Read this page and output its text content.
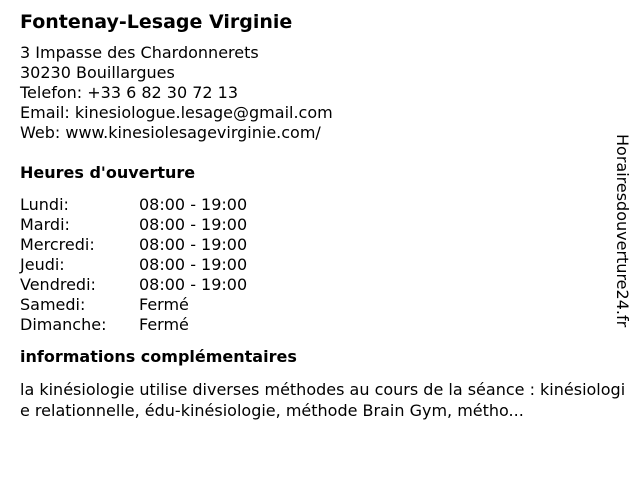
Fontenay-Lesage Virginie
3 Impasse des Chardonnerets
30230 Bouillargues
Telefon: +33 6 82 30 72 13
Email: kinesiologue.lesage@gmail.com
Web: www.kinesiolesagevirginie.com/
Heures d'ouverture
Lundi:	08:00 - 19:00
Mardi:	08:00 - 19:00
Mercredi:	08:00 - 19:00
Jeudi:	08:00 - 19:00
Vendredi:	08:00 - 19:00
Samedi:	Fermé
Dimanche:	Fermé
informations complémentaires
la kinésiologie utilise diverses méthodes au cours de la séance : kinésiologie relationnelle, édu-kinésiologie, méthode Brain Gym, métho...
Horairesdouverture24.fr
